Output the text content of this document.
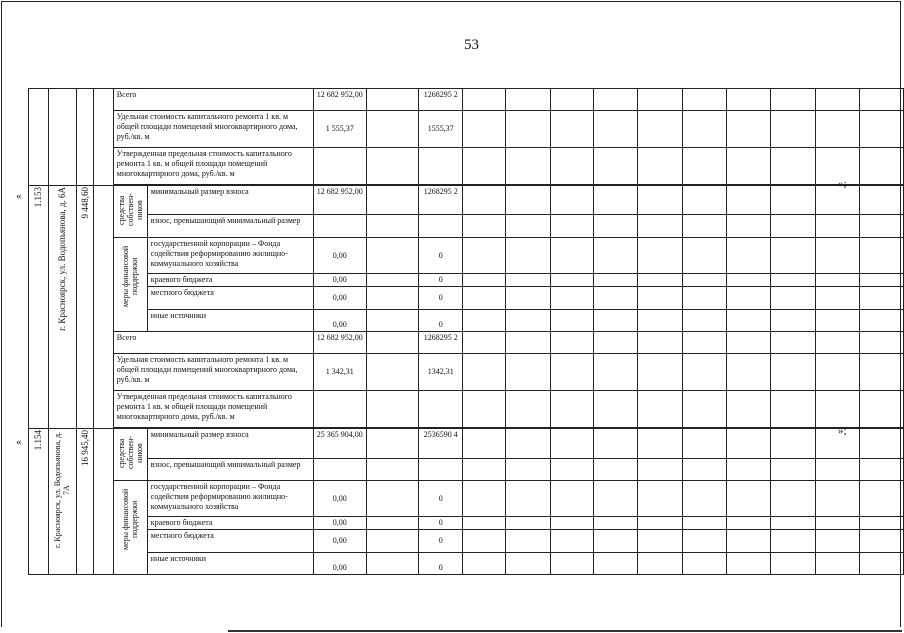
53
«
»;
«
»;
				Всего		12 682 952,00		1268295 2										
				Удельная стоимость капитального ремонта 1 кв. м общей площади помещений многоквартирного дома, руб./кв. м		1 555,37		1555,37										
				Утвержденная предельная стоимость капитального ремонта 1 кв. м общей площади помещений многоквартирного дома, руб./кв. м														

1.153	г. Красноярск, ул. Водопьянова, д. 6А	9 448,60		средства собствен-ников	минимальный размер взноса	12 682 952,00		1268295 2										
					взнос, превышающий минимальный размер													
				меры финансовой поддержки	государственной корпорации – Фонда содействия реформированию жилищно-коммунального хозяйства	0,00		0										
					краевого бюджета	0,00		0										
					местного бюджета	0,00		0										
					иные источники	0,00		0										
				Всего		12 682 952,00		1268295 2										
				Удельная стоимость капитального ремонта 1 кв. м общей площади помещений многоквартирного дома, руб./кв. м		1 342,31		1342,31										
				Утвержденная предельная стоимость капитального ремонта 1 кв. м общей площади помещений многоквартирного дома, руб./кв. м														

1.154	г. Красноярск, ул. Водопьянова, д. 7А	16 945,40		средства собствен-ников	минимальный размер взноса	25 365 904,00		2536590 4										
					взнос, превышающий минимальный размер													
				меры финансовой поддержки	государственной корпорации – Фонда содействия реформированию жилищно-коммунального хозяйства	0,00		0										
					краевого бюджета	0,00		0										
					местного бюджета	0,00		0										
					иные источники	0,00		0										
